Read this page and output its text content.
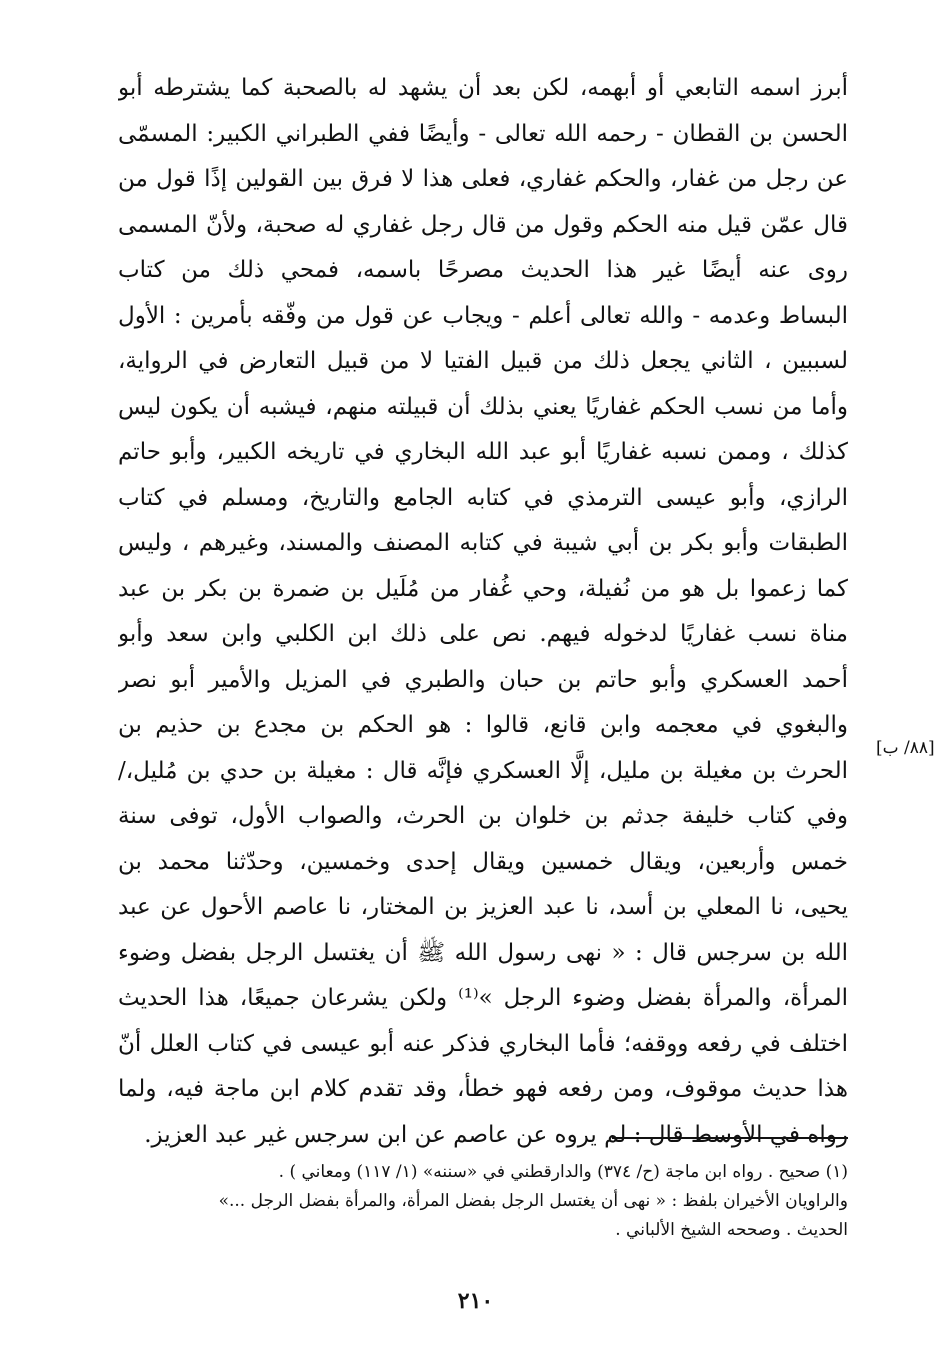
أبرز اسمه التابعي أو أبهمه، لكن بعد أن يشهد له بالصحبة كما يشترطه أبو
الحسن بن القطان - رحمه الله تعالى - وأيضًا ففي الطبراني الكبير: المسمّى
عن رجل من غفار، والحكم غفاري، فعلى هذا لا فرق بين القولين إذًا قول من
قال عمّن قيل منه الحكم وقول من قال رجل غفاري له صحبة، ولأنّ المسمى
روى عنه أيضًا غير هذا الحديث مصرحًا باسمه، فمحي ذلك من كتاب
البساط وعدمه - والله تعالى أعلم - ويجاب عن قول من وفّقه بأمرين : الأول
لسببين ، الثاني يجعل ذلك من قبيل الفتيا لا من قبيل التعارض في الرواية،
وأما من نسب الحكم غفاريًا يعني بذلك أن قبيلته منهم، فيشبه أن يكون ليس
كذلك ، وممن نسبه غفاريًا أبو عبد الله البخاري في تاريخه الكبير، وأبو حاتم
الرازي، وأبو عيسى الترمذي في كتابه الجامع والتاريخ، ومسلم في كتاب
الطبقات وأبو بكر بن أبي شيبة في كتابه المصنف والمسند، وغيرهم ، وليس
كما زعموا بل هو من نُفيلة، وحي غُفار من مُلَيل بن ضمرة بن بكر بن عبد
مناة نسب غفاريًا لدخوله فيهم. نص على ذلك ابن الكلبي وابن سعد وأبو
أحمد العسكري وأبو حاتم بن حبان والطبري في المزيل والأمير أبو نصر
والبغوي في معجمه وابن قانع، قالوا : هو الحكم بن مجدع بن حذيم بن
الحرث بن مغيلة بن مليل، إلَّا العسكري فإنَّه قال : مغيلة بن حدي بن مُليل،/
وفي كتاب خليفة جدثم بن خلوان بن الحرث، والصواب الأول، توفى سنة
خمس وأربعين، ويقال خمسين ويقال إحدى وخمسين، وحدّثنا محمد بن
يحيى، نا المعلي بن أسد، نا عبد العزيز بن المختار، نا عاصم الأحول عن عبد
الله بن سرجس قال : « نهى رسول الله ﷺ أن يغتسل الرجل بفضل وضوء
المرأة، والمرأة بفضل وضوء الرجل »⁽¹⁾ ولكن يشرعان جميعًا، هذا الحديث
اختلف في رفعه ووقفه؛ فأما البخاري فذكر عنه أبو عيسى في كتاب العلل أنّ
هذا حديث موقوف، ومن رفعه فهو خطأ، وقد تقدم كلام ابن ماجة فيه، ولما
رواه في الأوسط قال : لم يروه عن عاصم عن ابن سرجس غير عبد العزيز.
[٨٨/ ب]
(١) صحيح . رواه ابن ماجة (ح/ ٣٧٤) والدارقطني في «سننه» (١/ ١١٧) ومعاني ) .
والراويان الأخيران بلفظ : « نهى أن يغتسل الرجل بفضل المرأة، والمرأة بفضل الرجل ...»
الحديث . وصححه الشيخ الألباني .
٢١٠
